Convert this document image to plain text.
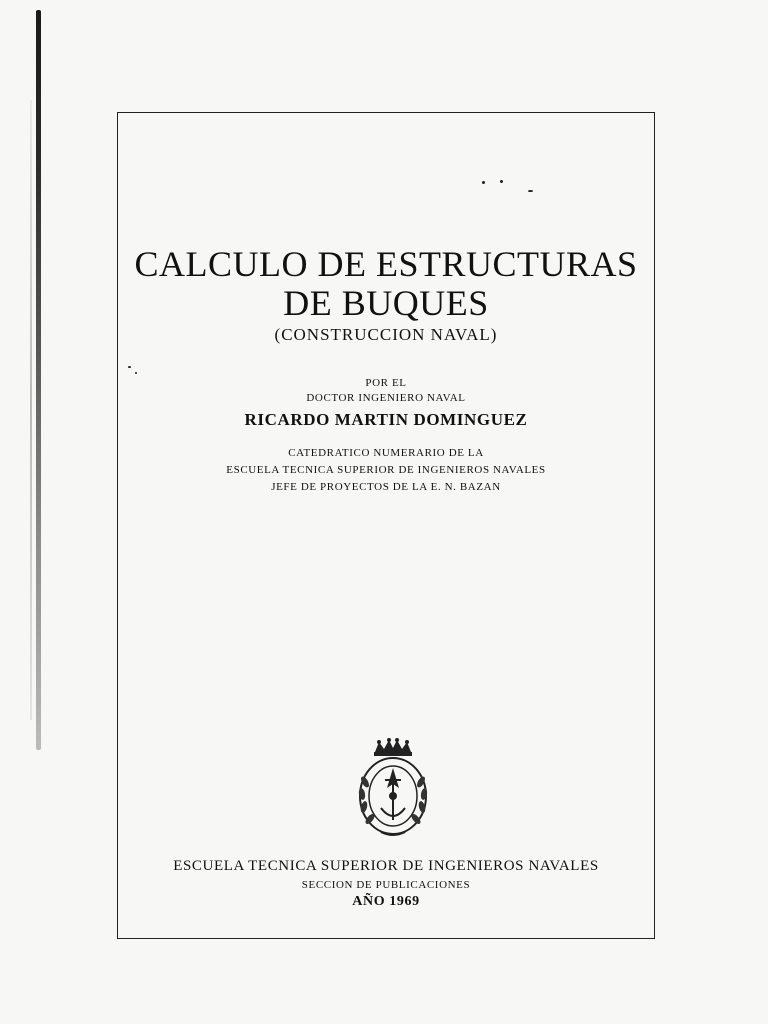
CALCULO DE ESTRUCTURAS
DE BUQUES
(CONSTRUCCION NAVAL)
POR EL
DOCTOR INGENIERO NAVAL
RICARDO MARTIN DOMINGUEZ
CATEDRATICO NUMERARIO DE LA
ESCUELA TECNICA SUPERIOR DE INGENIEROS NAVALES
JEFE DE PROYECTOS DE LA E. N. BAZAN
ESCUELA TECNICA SUPERIOR DE INGENIEROS NAVALES
SECCION DE PUBLICACIONES
AÑO 1969
